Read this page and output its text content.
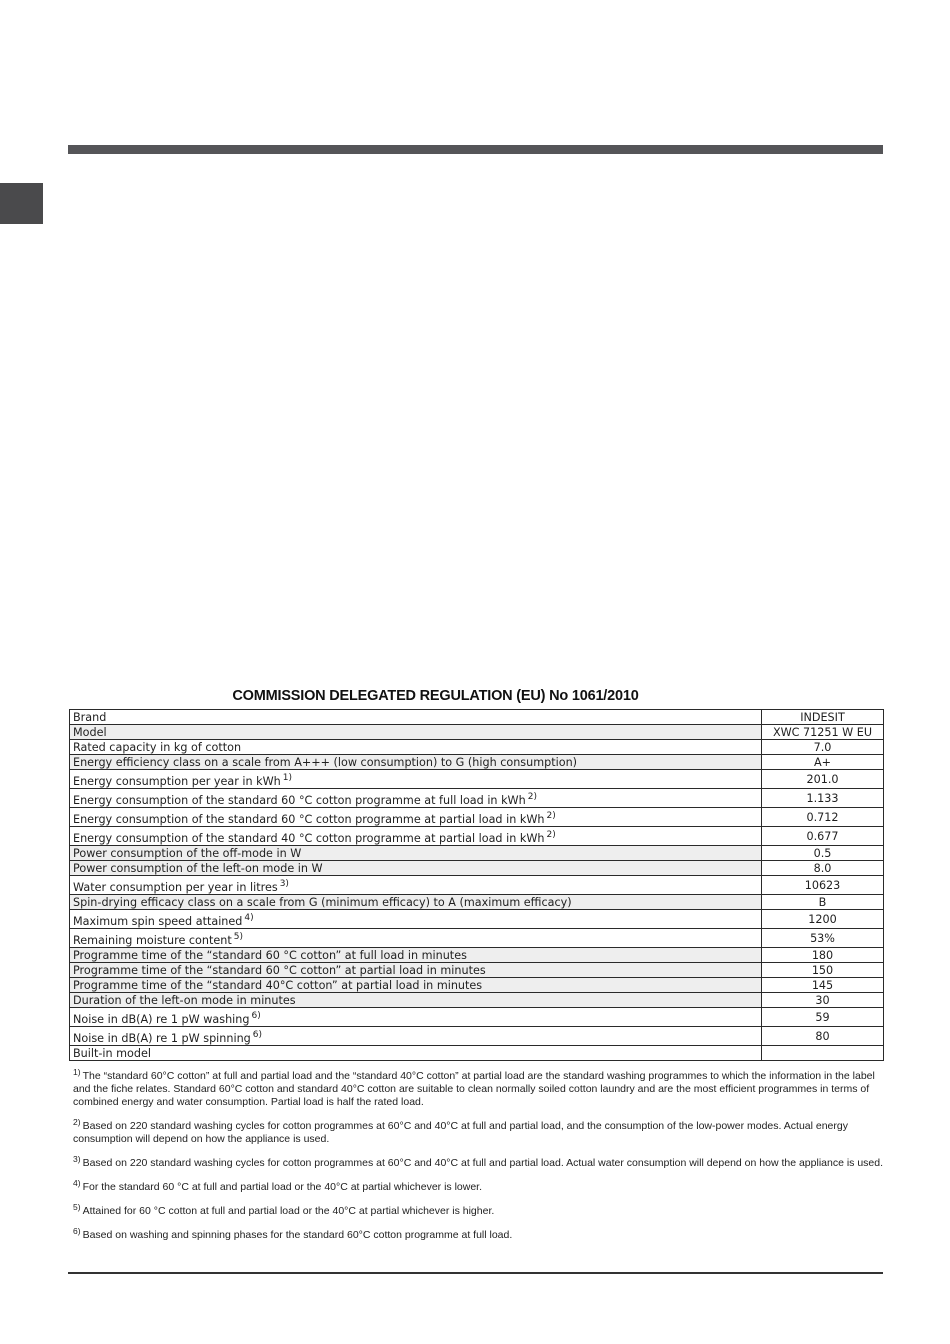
COMMISSION DELEGATED REGULATION (EU) No 1061/2010
Brand	INDESIT
Model	XWC 71251 W EU
Rated capacity in kg of cotton	7.0
Energy efficiency class on a scale from A+++ (low consumption) to G (high consumption)	A+
Energy consumption per year in kWh $^{1)}$	201.0
Energy consumption of the standard 60 °C cotton programme at full load in kWh $^{2)}$	1.133
Energy consumption of the standard 60 °C cotton programme at partial load in kWh $^{2)}$	0.712
Energy consumption of the standard 40 °C cotton programme at partial load in kWh $^{2)}$	0.677
Power consumption of the off-mode in W	0.5
Power consumption of the left-on mode in W	8.0
Water consumption per year in litres $^{3)}$	10623
Spin-drying efficacy class on a scale from G (minimum efficacy) to A (maximum efficacy)	B
Maximum spin speed attained $^{4)}$	1200
Remaining moisture content $^{5)}$	53%
Programme time of the “standard 60 °C cotton” at full load in minutes	180
Programme time of the “standard 60 °C cotton” at partial load in minutes	150
Programme time of the “standard 40°C cotton” at partial load in minutes	145
Duration of the left-on mode in minutes	30
Noise in dB(A) re 1 pW washing $^{6)}$	59
Noise in dB(A) re 1 pW spinning $^{6)}$	80
Built-in model	
$^{1)}$ The “standard 60°C cotton” at full and partial load and the “standard 40°C cotton” at partial load are the standard washing programmes to which the information in the label and the fiche relates. Standard 60°C cotton and standard 40°C cotton are suitable to clean normally soiled cotton laundry and are the most efficient programmes in terms of combined energy and water consumption. Partial load is half the rated load.
$^{2)}$ Based on 220 standard washing cycles for cotton programmes at 60°C and 40°C at full and partial load, and the consumption of the low-power modes. Actual energy consumption will depend on how the appliance is used.
$^{3)}$ Based on 220 standard washing cycles for cotton programmes at 60°C and 40°C at full and partial load. Actual water consumption will depend on how the appliance is used.
$^{4)}$ For the standard 60 °C at full and partial load or the 40°C at partial whichever is lower.
$^{5)}$ Attained for 60 °C cotton at full and partial load or the 40°C at partial whichever is higher.
$^{6)}$ Based on washing and spinning phases for the standard 60°C cotton programme at full load.
